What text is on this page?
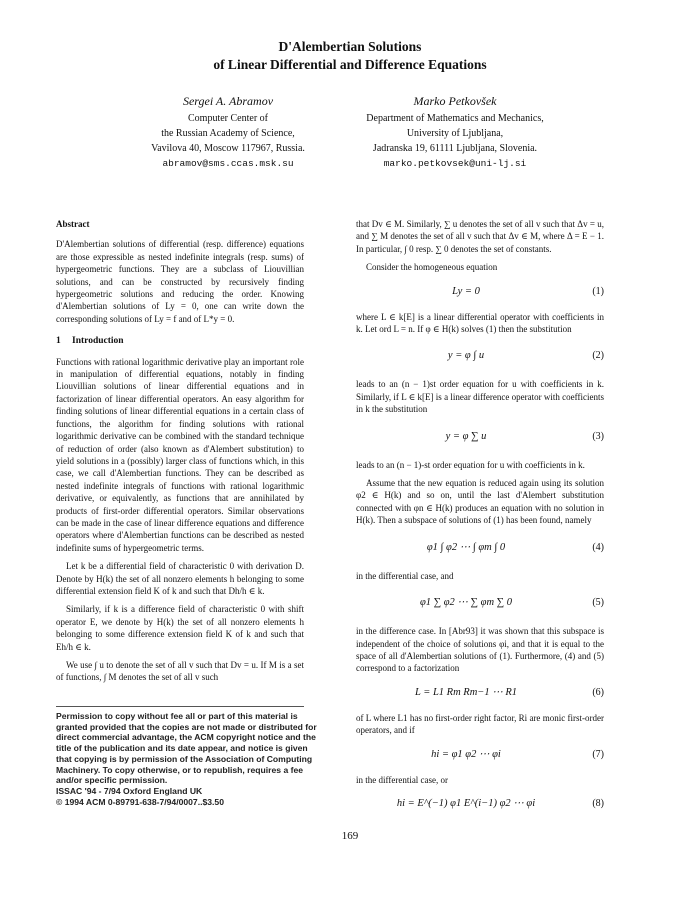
D'Alembertian Solutions
of Linear Differential and Difference Equations
Sergei A. Abramov
Computer Center of
the Russian Academy of Science,
Vavilova 40, Moscow 117967, Russia.
abramov@sms.ccas.msk.su
Marko Petkovšek
Department of Mathematics and Mechanics,
University of Ljubljana,
Jadranska 19, 61111 Ljubljana, Slovenia.
marko.petkovsek@uni-lj.si
Abstract

D'Alembertian solutions of differential (resp. difference) equations are those expressible as nested indefinite integrals (resp. sums) of hypergeometric functions. They are a subclass of Liouvillian solutions, and can be constructed by recursively finding hypergeometric solutions and reducing the order. Knowing d'Alembertian solutions of Ly = 0, one can write down the corresponding solutions of Ly = f and of L*y = 0.

1 Introduction

Functions with rational logarithmic derivative play an important role in manipulation of differential equations, notably in finding Liouvillian solutions of linear differential equations and in factorization of linear differential operators. An easy algorithm for finding solutions of linear differential equations in a certain class of functions, the algorithm for finding solutions with rational logarithmic derivative can be combined with the standard technique of reduction of order (also known as d'Alembert substitution) to yield solutions in a (possibly) larger class of functions which, in this case, we call d'Alembertian functions. They can be described as nested indefinite integrals of functions with rational logarithmic derivative, or equivalently, as functions that are annihilated by products of first-order differential operators. Similar observations can be made in the case of linear difference equations and difference operators where d'Alembertian functions can be described as nested indefinite sums of hypergeometric terms.

Let k be a differential field of characteristic 0 with derivation D. Denote by H(k) the set of all nonzero elements h belonging to some differential extension field K of k and such that Dh/h ∈ k.

Similarly, if k is a difference field of characteristic 0 with shift operator E, we denote by H(k) the set of all nonzero elements h belonging to some difference extension field K of k and such that Eh/h ∈ k.

We use ∫ u to denote the set of all v such that Dv = u. If M is a set of functions, ∫ M denotes the set of all v such

that Dv ∈ M. Similarly, ∑ u denotes the set of all v such that Δv = u, and ∑ M denotes the set of all v such that Δv ∈ M, where Δ = E − 1. In particular, ∫ 0 resp. ∑ 0 denotes the set of constants.

Consider the homogeneous equation

Ly = 0	(1)

where L ∈ k[E] is a linear differential operator with coefficients in k. Let ord L = n. If φ ∈ H(k) solves (1) then the substitution

y = φ ∫ u	(2)

leads to an (n − 1)st order equation for u with coefficients in k. Similarly, if L ∈ k[E] is a linear difference operator with coefficients in k the substitution

y = φ ∑ u	(3)

leads to an (n − 1)-st order equation for u with coefficients in k.

Assume that the new equation is reduced again using its solution φ2 ∈ H(k) and so on, until the last d'Alembert substitution connected with φn ∈ H(k) produces an equation with no solution in H(k). Then a subspace of solutions of (1) has been found, namely

φ1 ∫ φ2 ⋯ ∫ φm ∫ 0	(4)

in the differential case, and

φ1 ∑ φ2 ⋯ ∑ φm ∑ 0	(5)

in the difference case. In [Abr93] it was shown that this subspace is independent of the choice of solutions φi, and that it is equal to the space of all d'Alembertian solutions of (1). Furthermore, (4) and (5) correspond to a factorization

L = L1 Rm Rm−1 ⋯ R1	(6)

of L where L1 has no first-order right factor, Ri are monic first-order operators, and if

hi = φ1 φ2 ⋯ φi	(7)

in the differential case, or

hi = E^(−1) φ1 E^(i−1) φ2 ⋯ φi	(8)
Permission to copy without fee all or part of this material is
granted provided that the copies are not made or distributed for
direct commercial advantage, the ACM copyright notice and the
title of the publication and its date appear, and notice is given
that copying is by permission of the Association of Computing
Machinery. To copy otherwise, or to republish, requires a fee
and/or specific permission.
ISSAC '94 - 7/94 Oxford England UK
© 1994 ACM 0-89791-638-7/94/0007..$3.50
169
